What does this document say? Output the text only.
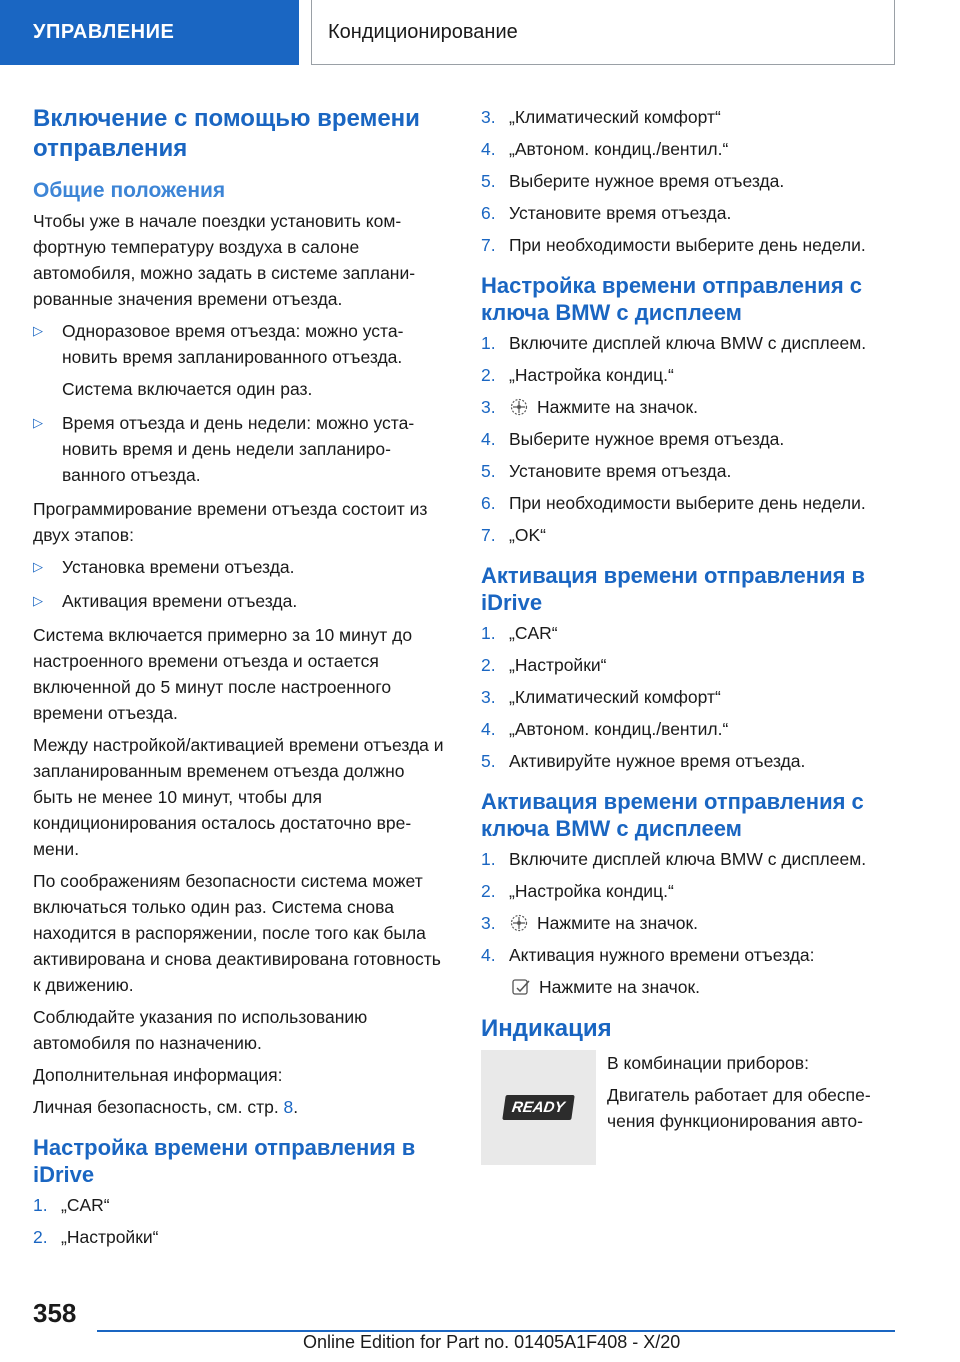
УПРАВЛЕНИЕ	Кондиционирование
Включение с помощью времени отправления
Общие положения

Чтобы уже в начале поездки установить комфортную температуру воздуха в салоне автомобиля, можно задать в системе запланированные значения времени отъезда.

▷ Одноразовое время отъезда: можно установить время запланированного отъезда.
Система включается один раз.
▷ Время отъезда и день недели: можно установить время и день недели запланированного отъезда.

Программирование времени отъезда состоит из двух этапов:

▷ Установка времени отъезда.
▷ Активация времени отъезда.

Система включается примерно за 10 минут до настроенного времени отъезда и остается включенной до 5 минут после настроенного времени отъезда.

Между настройкой/активацией времени отъезда и запланированным временем отъезда должно быть не менее 10 минут, чтобы для кондиционирования осталось достаточно времени.

По соображениям безопасности система может включаться только один раз. Система снова находится в распоряжении, после того как была активирована и снова деактивирована готовность к движению.

Соблюдайте указания по использованию автомобиля по назначению.

Дополнительная информация:

Личная безопасность, см. стр. 8.

Настройка времени отправления в iDrive
1. „CAR“
2. „Настройки“
3. „Климатический комфорт“
4. „Автоном. кондиц./вентил.“
5. Выберите нужное время отъезда.
6. Установите время отъезда.
7. При необходимости выберите день недели.
Настройка времени отправления с ключа BMW с дисплеем
1. Включите дисплей ключа BMW с дисплеем.
2. „Настройка кондиц.“
3. Нажмите на значок.
4. Выберите нужное время отъезда.
5. Установите время отъезда.
6. При необходимости выберите день недели.
7. „OK“
Активация времени отправления в iDrive
1. „CAR“
2. „Настройки“
3. „Климатический комфорт“
4. „Автоном. кондиц./вентил.“
5. Активируйте нужное время отъезда.
Активация времени отправления с ключа BMW с дисплеем
1. Включите дисплей ключа BMW с дисплеем.
2. „Настройка кондиц.“
3. Нажмите на значок.
4. Активация нужного времени отъезда:
Нажмите на значок.
Индикация
READY

В комбинации приборов:

Двигатель работает для обеспечения функционирования авто-

358
Online Edition for Part no. 01405A1F408 - X/20
